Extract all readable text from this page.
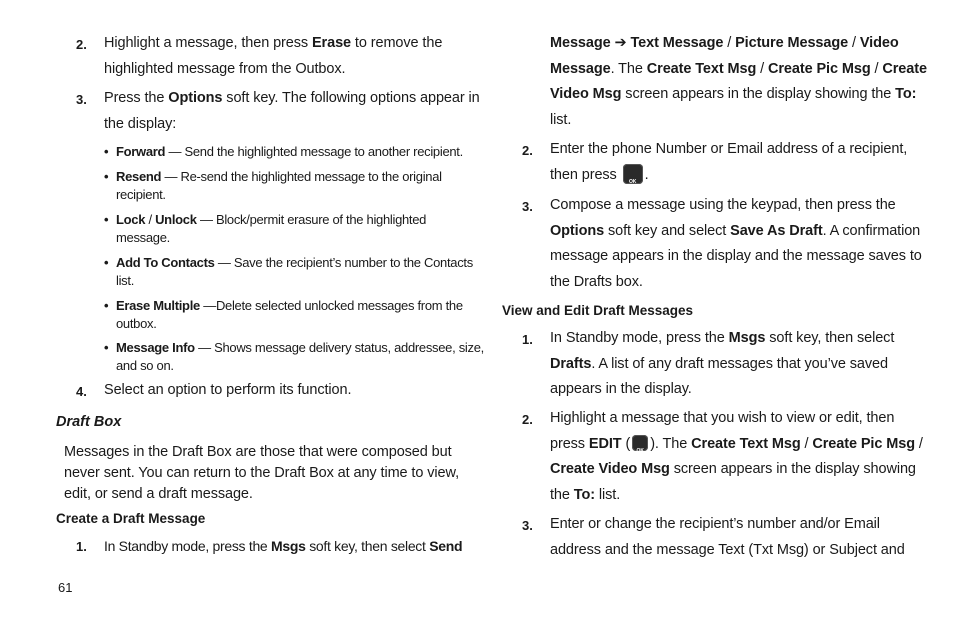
2. Highlight a message, then press Erase to remove the
highlighted message from the Outbox.
3. Press the Options soft key. The following options appear in
the display:
• Forward — Send the highlighted message to another recipient.
• Resend — Re-send the highlighted message to the original
recipient.
• Lock / Unlock — Block/permit erasure of the highlighted
message.
• Add To Contacts — Save the recipient’s number to the Contacts
list.
• Erase Multiple —Delete selected unlocked messages from the
outbox.
• Message Info — Shows message delivery status, addressee, size,
and so on.
4. Select an option to perform its function.
Draft Box
Messages in the Draft Box are those that were composed but
never sent. You can return to the Draft Box at any time to view,
edit, or send a draft message.
Create a Draft Message
1. In Standby mode, press the Msgs soft key, then select Send
Message ➔ Text Message / Picture Message / Video
Message. The Create Text Msg / Create Pic Msg / Create
Video Msg screen appears in the display showing the To:
list.
2. Enter the phone Number or Email address of a recipient,
then press	OK .
3. Compose a message using the keypad, then press the
Options soft key and select Save As Draft. A confirmation
message appears in the display and the message saves to
the Drafts box.
View and Edit Draft Messages
1. In Standby mode, press the Msgs soft key, then select
Drafts. A list of any draft messages that you’ve saved
appears in the display.
2. Highlight a message that you wish to view or edit, then
press EDIT (	OK ). The Create Text Msg / Create Pic Msg /
Create Video Msg screen appears in the display showing
the To: list.
3. Enter or change the recipient’s number and/or Email
address and the message Text (Txt Msg) or Subject and
61
